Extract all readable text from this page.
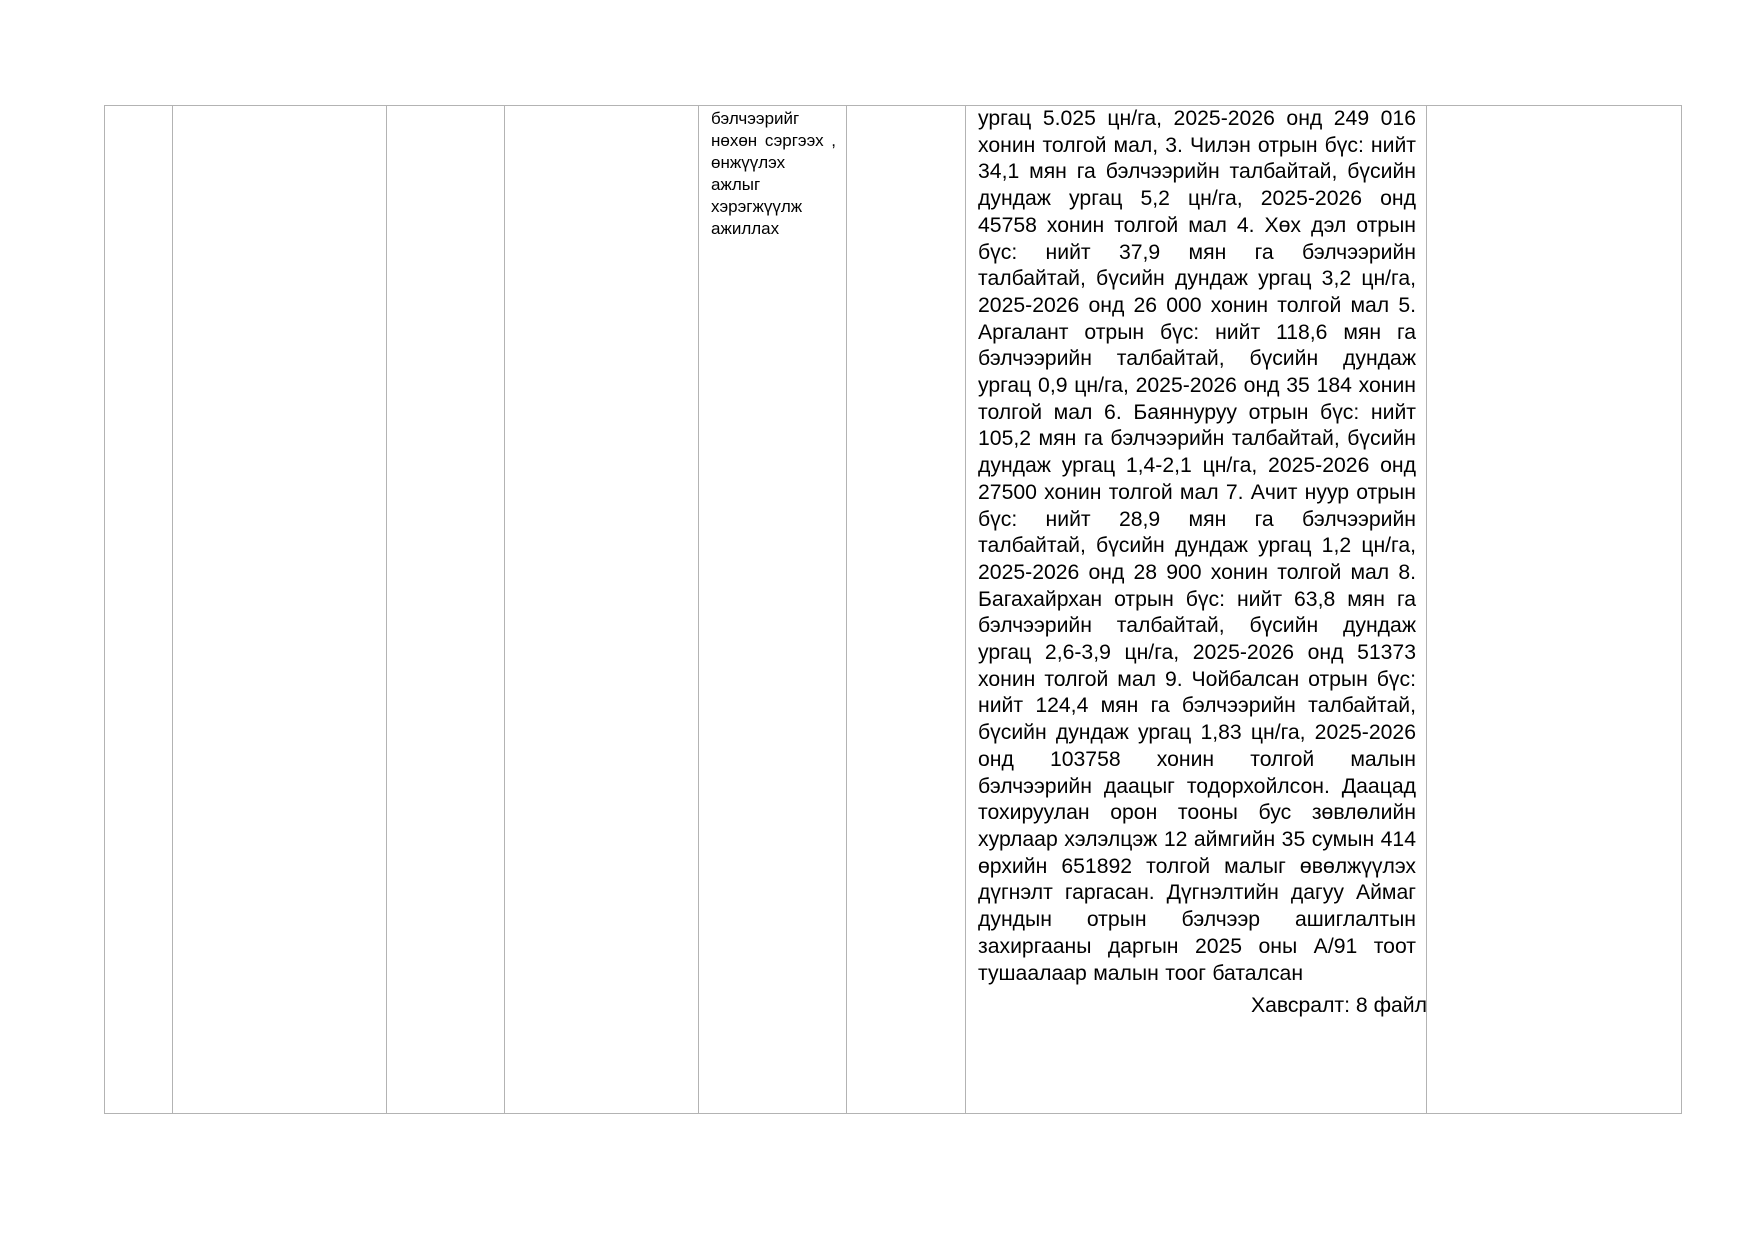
бэлчээрийг нөхөн сэргээх , өнжүүлэх ажлыг хэрэгжүүлж ажиллах

ургац 5.025 цн/га, 2025-2026 онд 249 016 хонин толгой мал, 3. Чилэн отрын бүс: нийт 34,1 мян га бэлчээрийн талбайтай, бүсийн дундаж ургац 5,2 цн/га, 2025-2026 онд 45758 хонин толгой мал 4. Хөх дэл отрын бүс: нийт 37,9 мян га бэлчээрийн талбайтай, бүсийн дундаж ургац 3,2 цн/га, 2025-2026 онд 26 000 хонин толгой мал 5. Аргалант отрын бүс: нийт 118,6 мян га бэлчээрийн талбайтай, бүсийн дундаж ургац 0,9 цн/га, 2025-2026 онд 35 184 хонин толгой мал 6. Баяннуруу отрын бүс: нийт 105,2 мян га бэлчээрийн талбайтай, бүсийн дундаж ургац 1,4-2,1 цн/га, 2025-2026 онд 27500 хонин толгой мал 7. Ачит нуур отрын бүс: нийт 28,9 мян га бэлчээрийн талбайтай, бүсийн дундаж ургац 1,2 цн/га, 2025-2026 онд 28 900 хонин толгой мал 8. Багахайрхан отрын бүс: нийт 63,8 мян га бэлчээрийн талбайтай, бүсийн дундаж ургац 2,6-3,9 цн/га, 2025-2026 онд 51373 хонин толгой мал 9. Чойбалсан отрын бүс: нийт 124,4 мян га бэлчээрийн талбайтай, бүсийн дундаж ургац 1,83 цн/га, 2025-2026 онд 103758 хонин толгой малын бэлчээрийн даацыг тодорхойлсон. Даацад тохируулан орон тооны бус зөвлөлийн хурлаар хэлэлцэж 12 аймгийн 35 сумын 414 өрхийн 651892 толгой малыг өвөлжүүлэх дүгнэлт гаргасан. Дүгнэлтийн дагуу Аймаг дундын отрын бэлчээр ашиглалтын захиргааны даргын 2025 оны А/91 тоот тушаалаар малын тоог баталсан
Хавсралт: 8 файл
